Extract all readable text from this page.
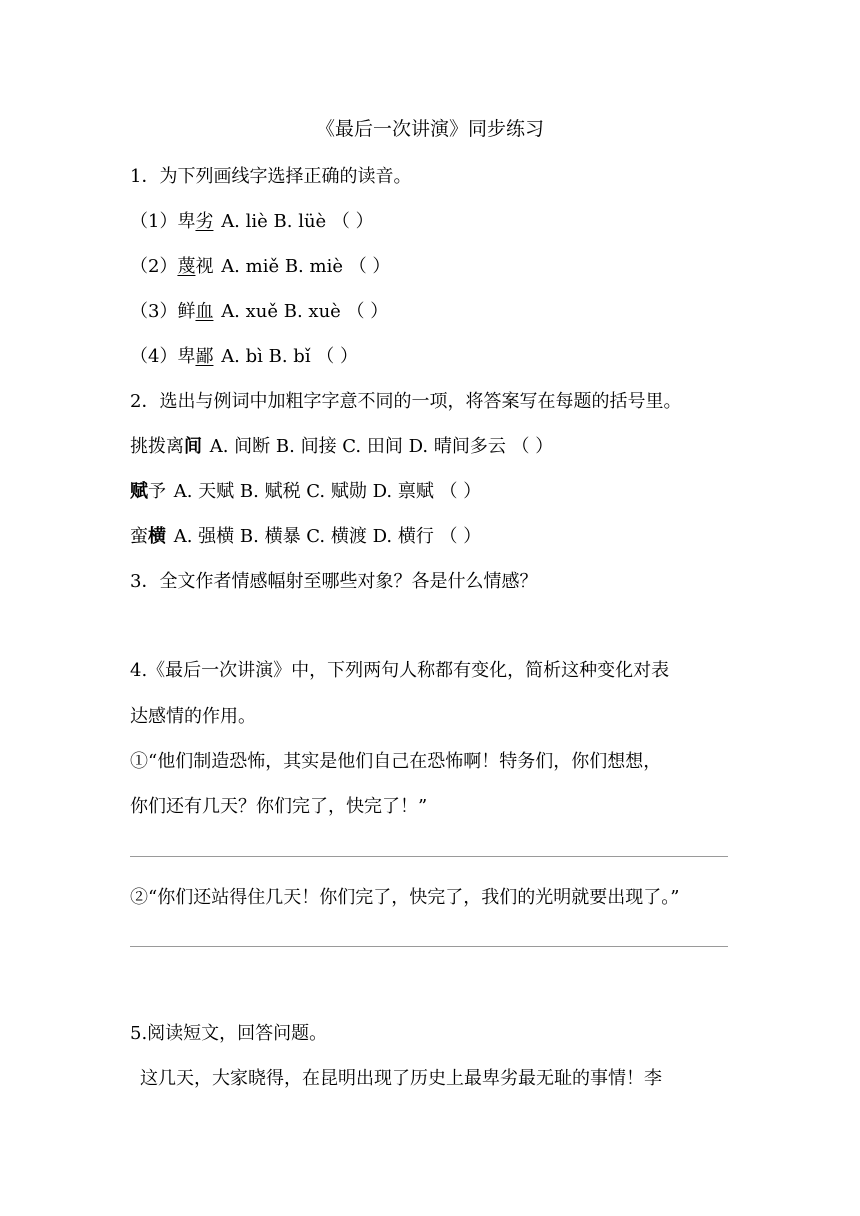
《最后一次讲演》同步练习
1．为下列画线字选择正确的读音。
（1）卑劣 A. liè B. lüè （ ）
（2）蔑视 A. miě B. miè （ ）
（3）鲜血 A. xuě B. xuè （ ）
（4）卑鄙 A. bì B. bǐ （ ）
2．选出与例词中加粗字字意不同的一项，将答案写在每题的括号里。
挑拨离间 A. 间断 B. 间接 C. 田间 D. 晴间多云 （ ）
赋予 A. 天赋 B. 赋税 C. 赋勋 D. 禀赋 （ ）
蛮横 A. 强横 B. 横暴 C. 横渡 D. 横行 （ ）
3．全文作者情感幅射至哪些对象？各是什么情感？
4.《最后一次讲演》中，下列两句人称都有变化，简析这种变化对表
达感情的作用。
①“他们制造恐怖，其实是他们自己在恐怖啊！特务们，你们想想，
你们还有几天？你们完了，快完了！”
②“你们还站得住几天！你们完了，快完了，我们的光明就要出现了。”
5.阅读短文，回答问题。
这几天，大家晓得，在昆明出现了历史上最卑劣最无耻的事情！李
